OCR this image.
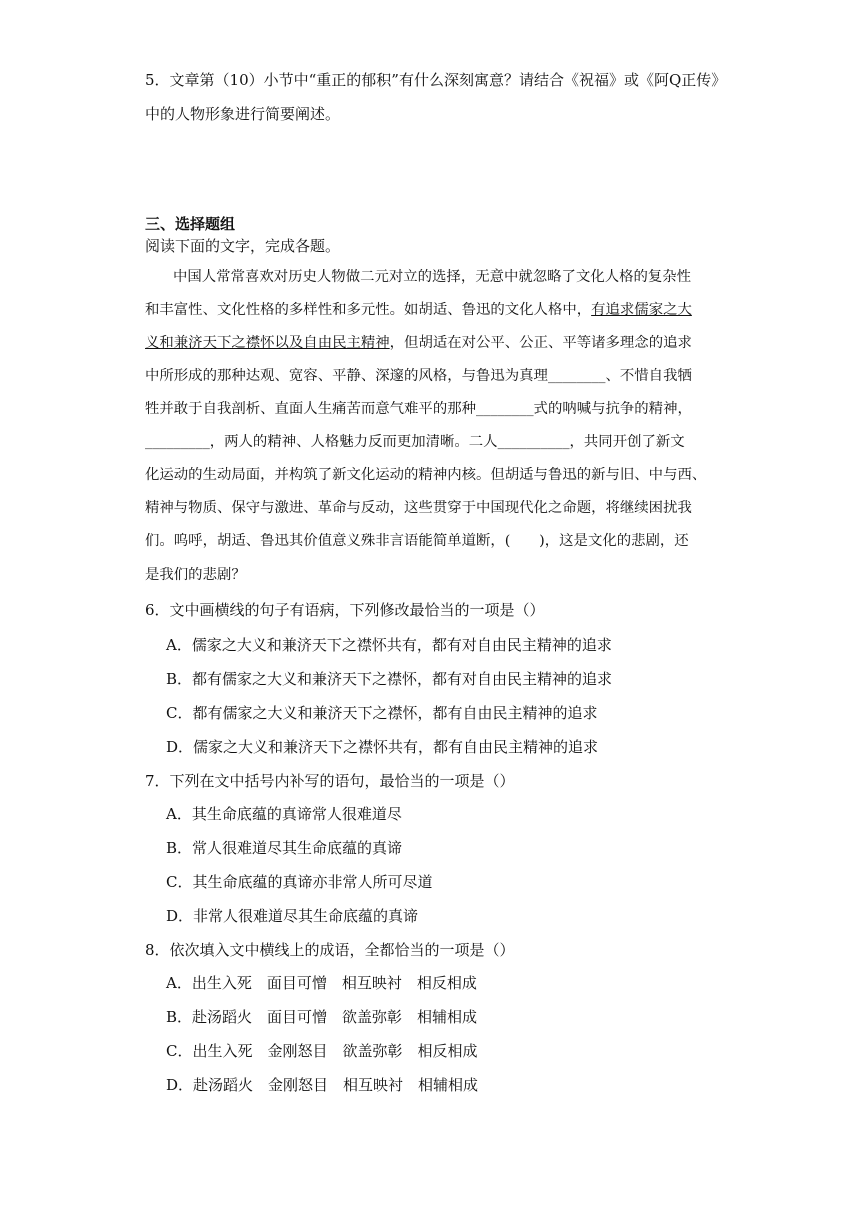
5．文章第（10）小节中“重正的郁积”有什么深刻寓意？请结合《祝福》或《阿Q正传》
中的人物形象进行简要阐述。
三、选择题组
阅读下面的文字，完成各题。
中国人常常喜欢对历史人物做二元对立的选择，无意中就忽略了文化人格的复杂性
和丰富性、文化性格的多样性和多元性。如胡适、鲁迅的文化人格中，有追求儒家之大
义和兼济天下之襟怀以及自由民主精神，但胡适在对公平、公正、平等诸多理念的追求
中所形成的那种达观、宽容、平静、深邃的风格，与鲁迅为真理________、不惜自我牺
牲并敢于自我剖析、直面人生痛苦而意气难平的那种________式的呐喊与抗争的精神，
_________，两人的精神、人格魅力反而更加清晰。二人__________，共同开创了新文
化运动的生动局面，并构筑了新文化运动的精神内核。但胡适与鲁迅的新与旧、中与西、
精神与物质、保守与激进、革命与反动，这些贯穿于中国现代化之命题，将继续困扰我
们。呜呼，胡适、鲁迅其价值意义殊非言语能简单道断，(　　)，这是文化的悲剧，还
是我们的悲剧？
6．文中画横线的句子有语病，下列修改最恰当的一项是（）
A．儒家之大义和兼济天下之襟怀共有，都有对自由民主精神的追求
B．都有儒家之大义和兼济天下之襟怀，都有对自由民主精神的追求
C．都有儒家之大义和兼济天下之襟怀，都有自由民主精神的追求
D．儒家之大义和兼济天下之襟怀共有，都有自由民主精神的追求
7．下列在文中括号内补写的语句，最恰当的一项是（）
A．其生命底蕴的真谛常人很难道尽
B．常人很难道尽其生命底蕴的真谛
C．其生命底蕴的真谛亦非常人所可尽道
D．非常人很难道尽其生命底蕴的真谛
8．依次填入文中横线上的成语，全都恰当的一项是（）
A．出生入死　面目可憎　相互映衬　相反相成
B．赴汤蹈火　面目可憎　欲盖弥彰　相辅相成
C．出生入死　金刚怒目　欲盖弥彰　相反相成
D．赴汤蹈火　金刚怒目　相互映衬　相辅相成
